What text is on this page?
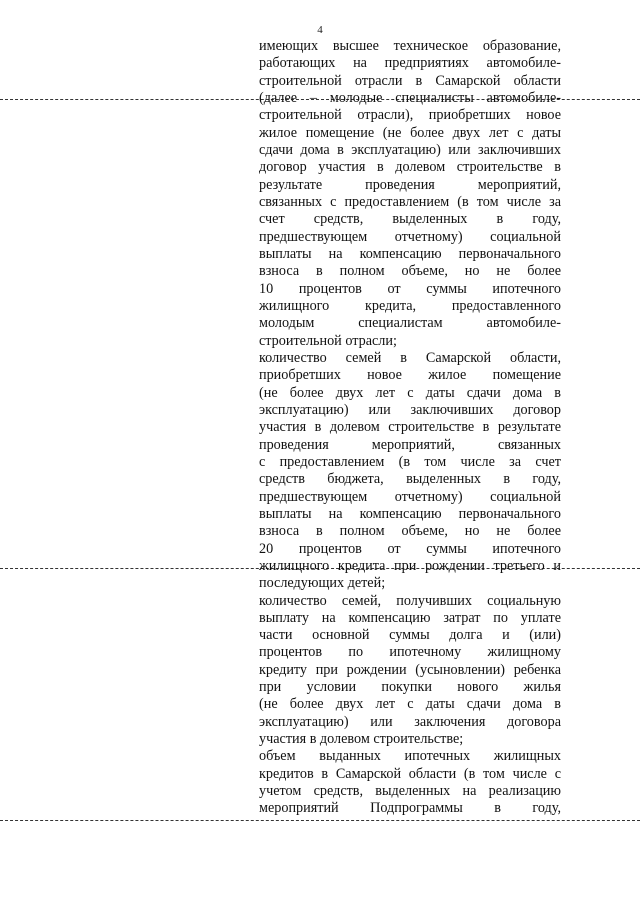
4
имеющих высшее техническое образование,
работающих на предприятиях автомобиле-
строительной отрасли в Самарской области
(далее – молодые специалисты автомобиле-
строительной отрасли), приобретших новое
жилое помещение (не более двух лет с даты
сдачи дома в эксплуатацию) или заключивших
договор участия в долевом строительстве в
результате проведения мероприятий,
связанных с предоставлением (в том числе за
счет средств, выделенных в году,
предшествующем отчетному) социальной
выплаты на компенсацию первоначального
взноса в полном объеме, но не более
10 процентов от суммы ипотечного
жилищного кредита, предоставленного
молодым специалистам автомобиле-
строительной отрасли;
количество семей в Самарской области,
приобретших новое жилое помещение
(не более двух лет с даты сдачи дома в
эксплуатацию) или заключивших договор
участия в долевом строительстве в результате
проведения мероприятий, связанных
с предоставлением (в том числе за счет
средств бюджета, выделенных в году,
предшествующем отчетному) социальной
выплаты на компенсацию первоначального
взноса в полном объеме, но не более
20 процентов от суммы ипотечного
жилищного кредита при рождении третьего и
последующих детей;
количество семей, получивших социальную
выплату на компенсацию затрат по уплате
части основной суммы долга и (или)
процентов по ипотечному жилищному
кредиту при рождении (усыновлении) ребенка
при условии покупки нового жилья
(не более двух лет с даты сдачи дома в
эксплуатацию) или заключения договора
участия в долевом строительстве;
объем выданных ипотечных жилищных
кредитов в Самарской области (в том числе с
учетом средств, выделенных на реализацию
мероприятий Подпрограммы в году,
